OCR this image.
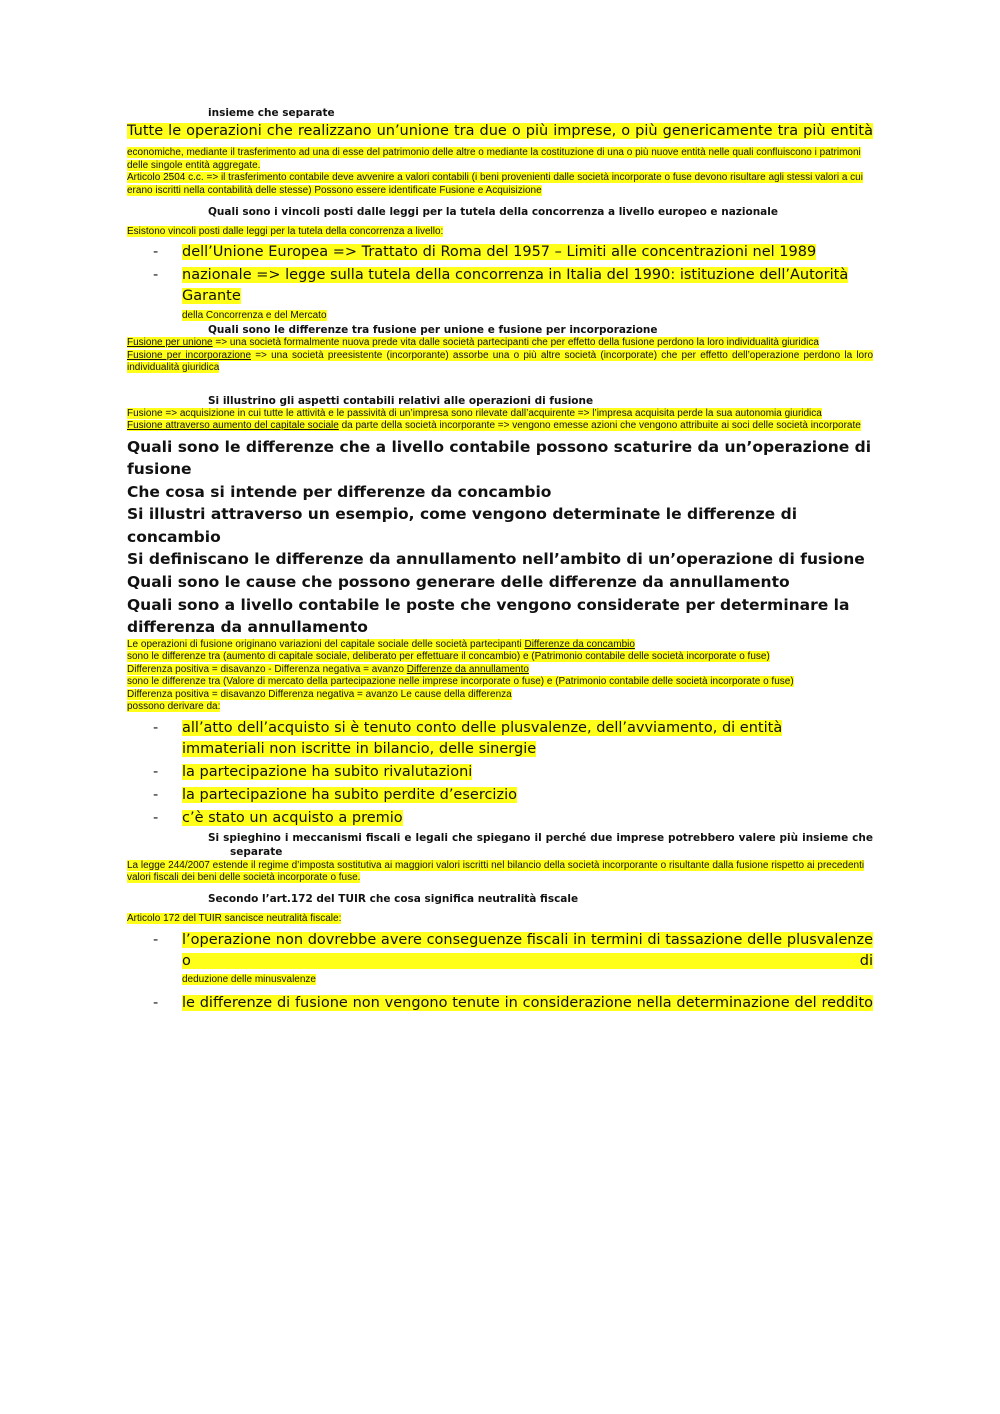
insieme che separate
Tutte le operazioni che realizzano un’unione tra due o più imprese, o più genericamente tra più entità
economiche, mediante il trasferimento ad una di esse del patrimonio delle altre o mediante la costituzione di una o più nuove entità nelle quali confluiscono i patrimoni delle singole entità aggregate.
Articolo 2504 c.c. => il trasferimento contabile deve avvenire a valori contabili (i beni provenienti dalle società incorporate o fuse devono risultare agli stessi valori a cui erano iscritti nella contabilità delle stesse) Possono essere identificate Fusione e Acquisizione
Quali sono i vincoli posti dalle leggi per la tutela della concorrenza a livello europeo e nazionale
Esistono vincoli posti dalle leggi per la tutela della concorrenza a livello:
- dell’Unione Europea => Trattato di Roma del 1957 – Limiti alle concentrazioni nel 1989
- nazionale => legge sulla tutela della concorrenza in Italia del 1990: istituzione dell’Autorità Garante
della Concorrenza e del Mercato
Quali sono le differenze tra fusione per unione e fusione per incorporazione
Fusione per unione => una società formalmente nuova prede vita dalle società partecipanti che per effetto della fusione perdono la loro individualità giuridica
Fusione per incorporazione => una società preesistente (incorporante) assorbe una o più altre società (incorporate) che per effetto dell’operazione perdono la loro individualità giuridica
Si illustrino gli aspetti contabili relativi alle operazioni di fusione
Fusione => acquisizione in cui tutte le attività e le passività di un’impresa sono rilevate dall’acquirente => l’impresa acquisita perde la sua autonomia giuridica
Fusione attraverso aumento del capitale sociale da parte della società incorporante => vengono emesse azioni che vengono attribuite ai soci delle società incorporate
Quali sono le differenze che a livello contabile possono scaturire da un’operazione di fusione
Che cosa si intende per differenze da concambio
Si illustri attraverso un esempio, come vengono determinate le differenze di concambio
Si definiscano le differenze da annullamento nell’ambito di un’operazione di fusione
Quali sono le cause che possono generare delle differenze da annullamento
Quali sono a livello contabile le poste che vengono considerate per determinare la differenza da annullamento
Le operazioni di fusione originano variazioni del capitale sociale delle società partecipanti Differenze da concambio
sono le differenze tra (aumento di capitale sociale, deliberato per effettuare il concambio) e (Patrimonio contabile delle società incorporate o fuse)
Differenza positiva = disavanzo - Differenza negativa = avanzo Differenze da annullamento
sono le differenze tra (Valore di mercato della partecipazione nelle imprese incorporate o fuse) e (Patrimonio contabile delle società incorporate o fuse)
Differenza positiva = disavanzo Differenza negativa = avanzo Le cause della differenza
possono derivare da:
- all’atto dell’acquisto si è tenuto conto delle plusvalenze, dell’avviamento, di entità immateriali non iscritte in bilancio, delle sinergie
- la partecipazione ha subito rivalutazioni
- la partecipazione ha subito perdite d’esercizio
- c’è stato un acquisto a premio
Si spieghino i meccanismi fiscali e legali che spiegano il perché due imprese potrebbero valere più insieme che
separate
La legge 244/2007 estende il regime d’imposta sostitutiva ai maggiori valori iscritti nel bilancio della società incorporante o risultante dalla fusione rispetto ai precedenti valori fiscali dei beni delle società incorporate o fuse.
Secondo l’art.172 del TUIR che cosa significa neutralità fiscale
Articolo 172 del TUIR sancisce neutralità fiscale:
- l’operazione non dovrebbe avere conseguenze fiscali in termini di tassazione delle plusvalenze o di
deduzione delle minusvalenze
- le differenze di fusione non vengono tenute in considerazione nella determinazione del reddito
